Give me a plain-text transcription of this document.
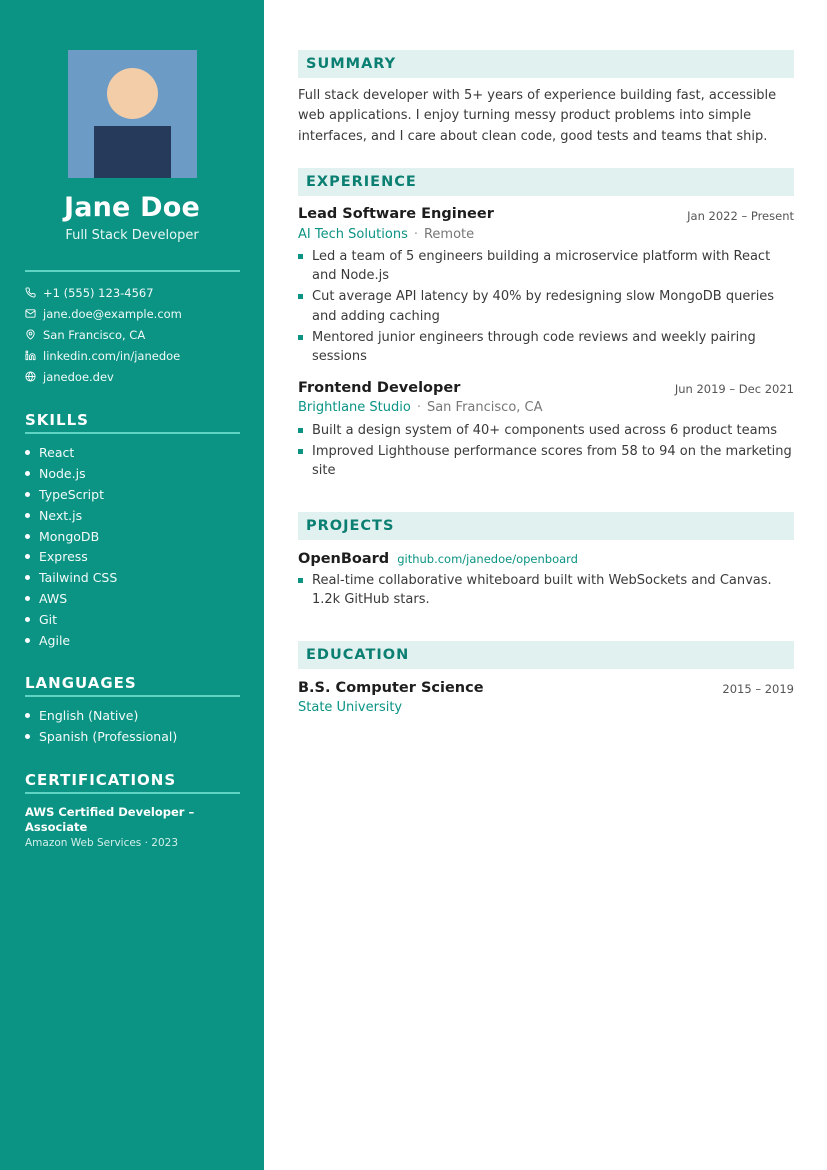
Jane Doe
Full Stack Developer
+1 (555) 123-4567
jane.doe@example.com
San Francisco, CA
linkedin.com/in/janedoe
janedoe.dev
SKILLS
React
Node.js
TypeScript
Next.js
MongoDB
Express
Tailwind CSS
AWS
Git
Agile
LANGUAGES
English (Native)
Spanish (Professional)
CERTIFICATIONS
AWS Certified Developer – Associate
Amazon Web Services · 2023
SUMMARY

Full stack developer with 5+ years of experience building fast, accessible web applications. I enjoy turning messy product problems into simple interfaces, and I care about clean code, good tests and teams that ship.

EXPERIENCE
Lead Software Engineer	Jan 2022 – Present
AI Tech Solutions · Remote
Led a team of 5 engineers building a microservice platform with React and Node.js
Cut average API latency by 40% by redesigning slow MongoDB queries and adding caching
Mentored junior engineers through code reviews and weekly pairing sessions
Frontend Developer	Jun 2019 – Dec 2021
Brightlane Studio · San Francisco, CA
Built a design system of 40+ components used across 6 product teams
Improved Lighthouse performance scores from 58 to 94 on the marketing site
PROJECTS
OpenBoard github.com/janedoe/openboard
Real-time collaborative whiteboard built with WebSockets and Canvas. 1.2k GitHub stars.
EDUCATION
B.S. Computer Science	2015 – 2019
State University
